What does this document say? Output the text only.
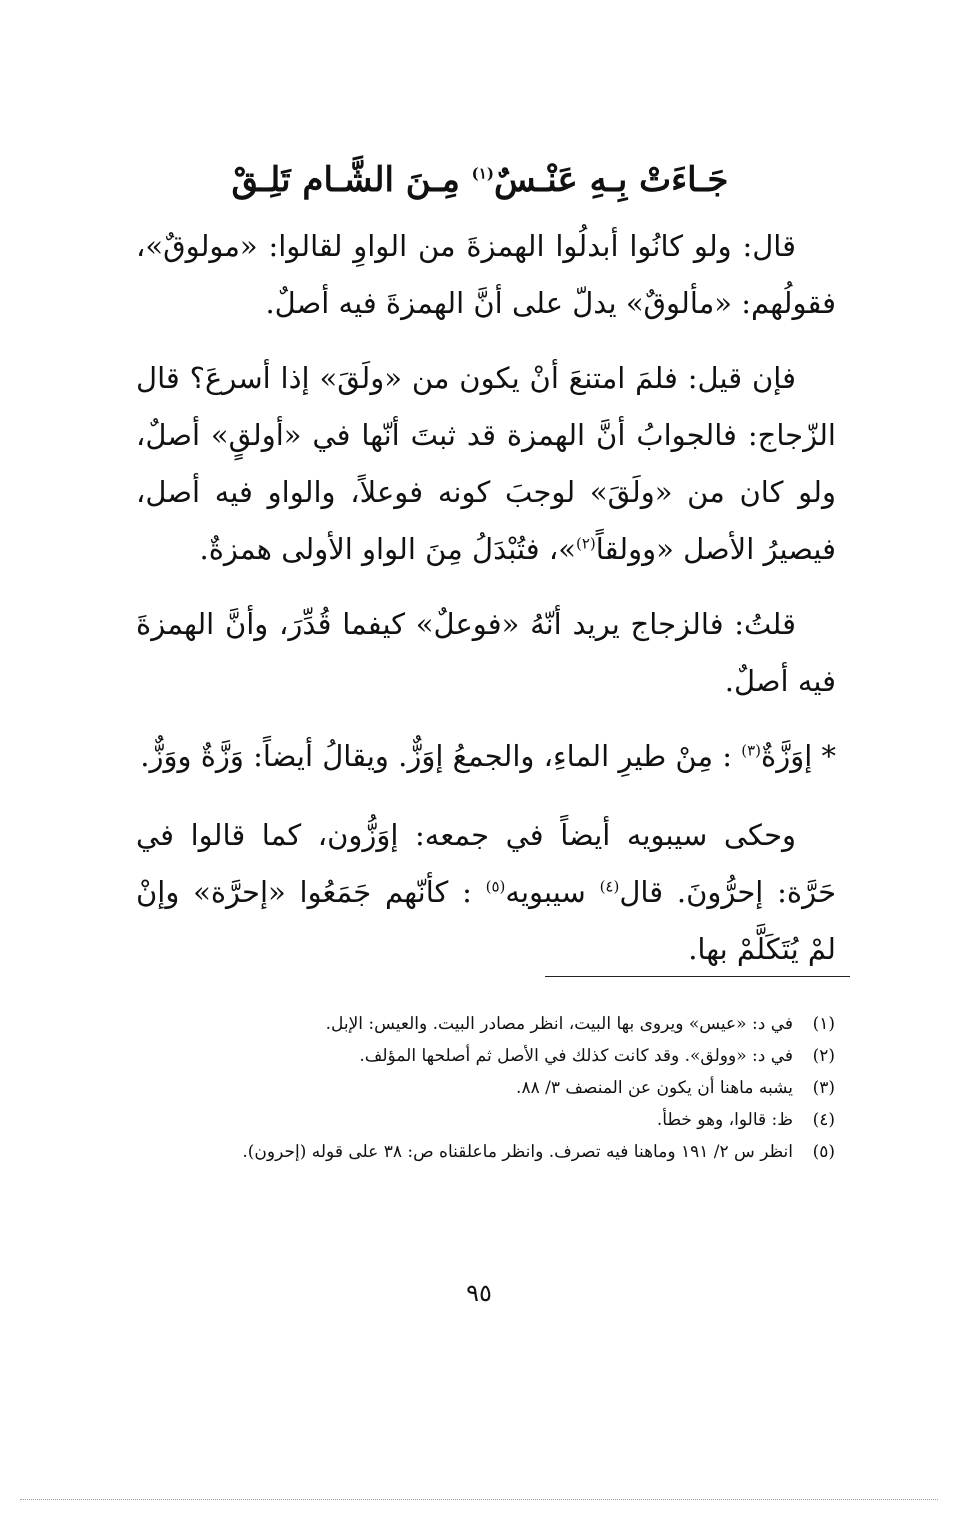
جَـاءَتْ بِـهِ عَنْـسٌ$^{(١)}$ مِـنَ الشَّـام تَلِـقْ

قال: ولو كانُوا أبدلُوا الهمزةَ من الواوِ لقالوا: «مولوقٌ»، فقولُهم: «مألوقٌ» يدلّ على أنَّ الهمزةَ فيه أصلٌ.

فإن قيل: فلمَ امتنعَ أنْ يكون من «ولَقَ» إذا أسرعَ؟ قال الزّجاج: فالجوابُ أنَّ الهمزة قد ثبتَ أنّها في «أولقٍ» أصلٌ، ولو كان من «ولَقَ» لوجبَ كونه فوعلاً، والواو فيه أصل، فيصيرُ الأصل «وولقاً$^{(٢)}$»، فتُبْدَلُ مِنَ الواو الأولى همزةٌ.

قلتُ: فالزجاج يريد أنّهُ «فوعلٌ» كيفما قُدِّرَ، وأنَّ الهمزةَ فيه أصلٌ.

* إوَزَّةٌ$^{(٣)}$ : مِنْ طيرِ الماءِ، والجمعُ إوَزٌّ. ويقالُ أيضاً: وَزَّةٌ ووَزٌّ.

وحكى سيبويه أيضاً في جمعه: إوَزُّون، كما قالوا في حَرَّة: إحرُّونَ. قال$^{(٤)}$ سيبويه$^{(٥)}$ : كأنّهم جَمَعُوا «إحرَّة» وإنْ لمْ يُتَكَلَّمْ بها.

(١)
في د: «عيس» ويروى بها البيت، انظر مصادر البيت. والعيس: الإبل.
(٢)
في د: «وولق». وقد كانت كذلك في الأصل ثم أصلحها المؤلف.
(٣)
يشبه ماهنا أن يكون عن المنصف ٣/ ٨٨.
(٤)
ظ: قالوا، وهو خطأ.
(٥)
انظر س ٢/ ١٩١ وماهنا فيه تصرف. وانظر ماعلقناه ص: ٣٨ على قوله (إحرون).
٩٥
